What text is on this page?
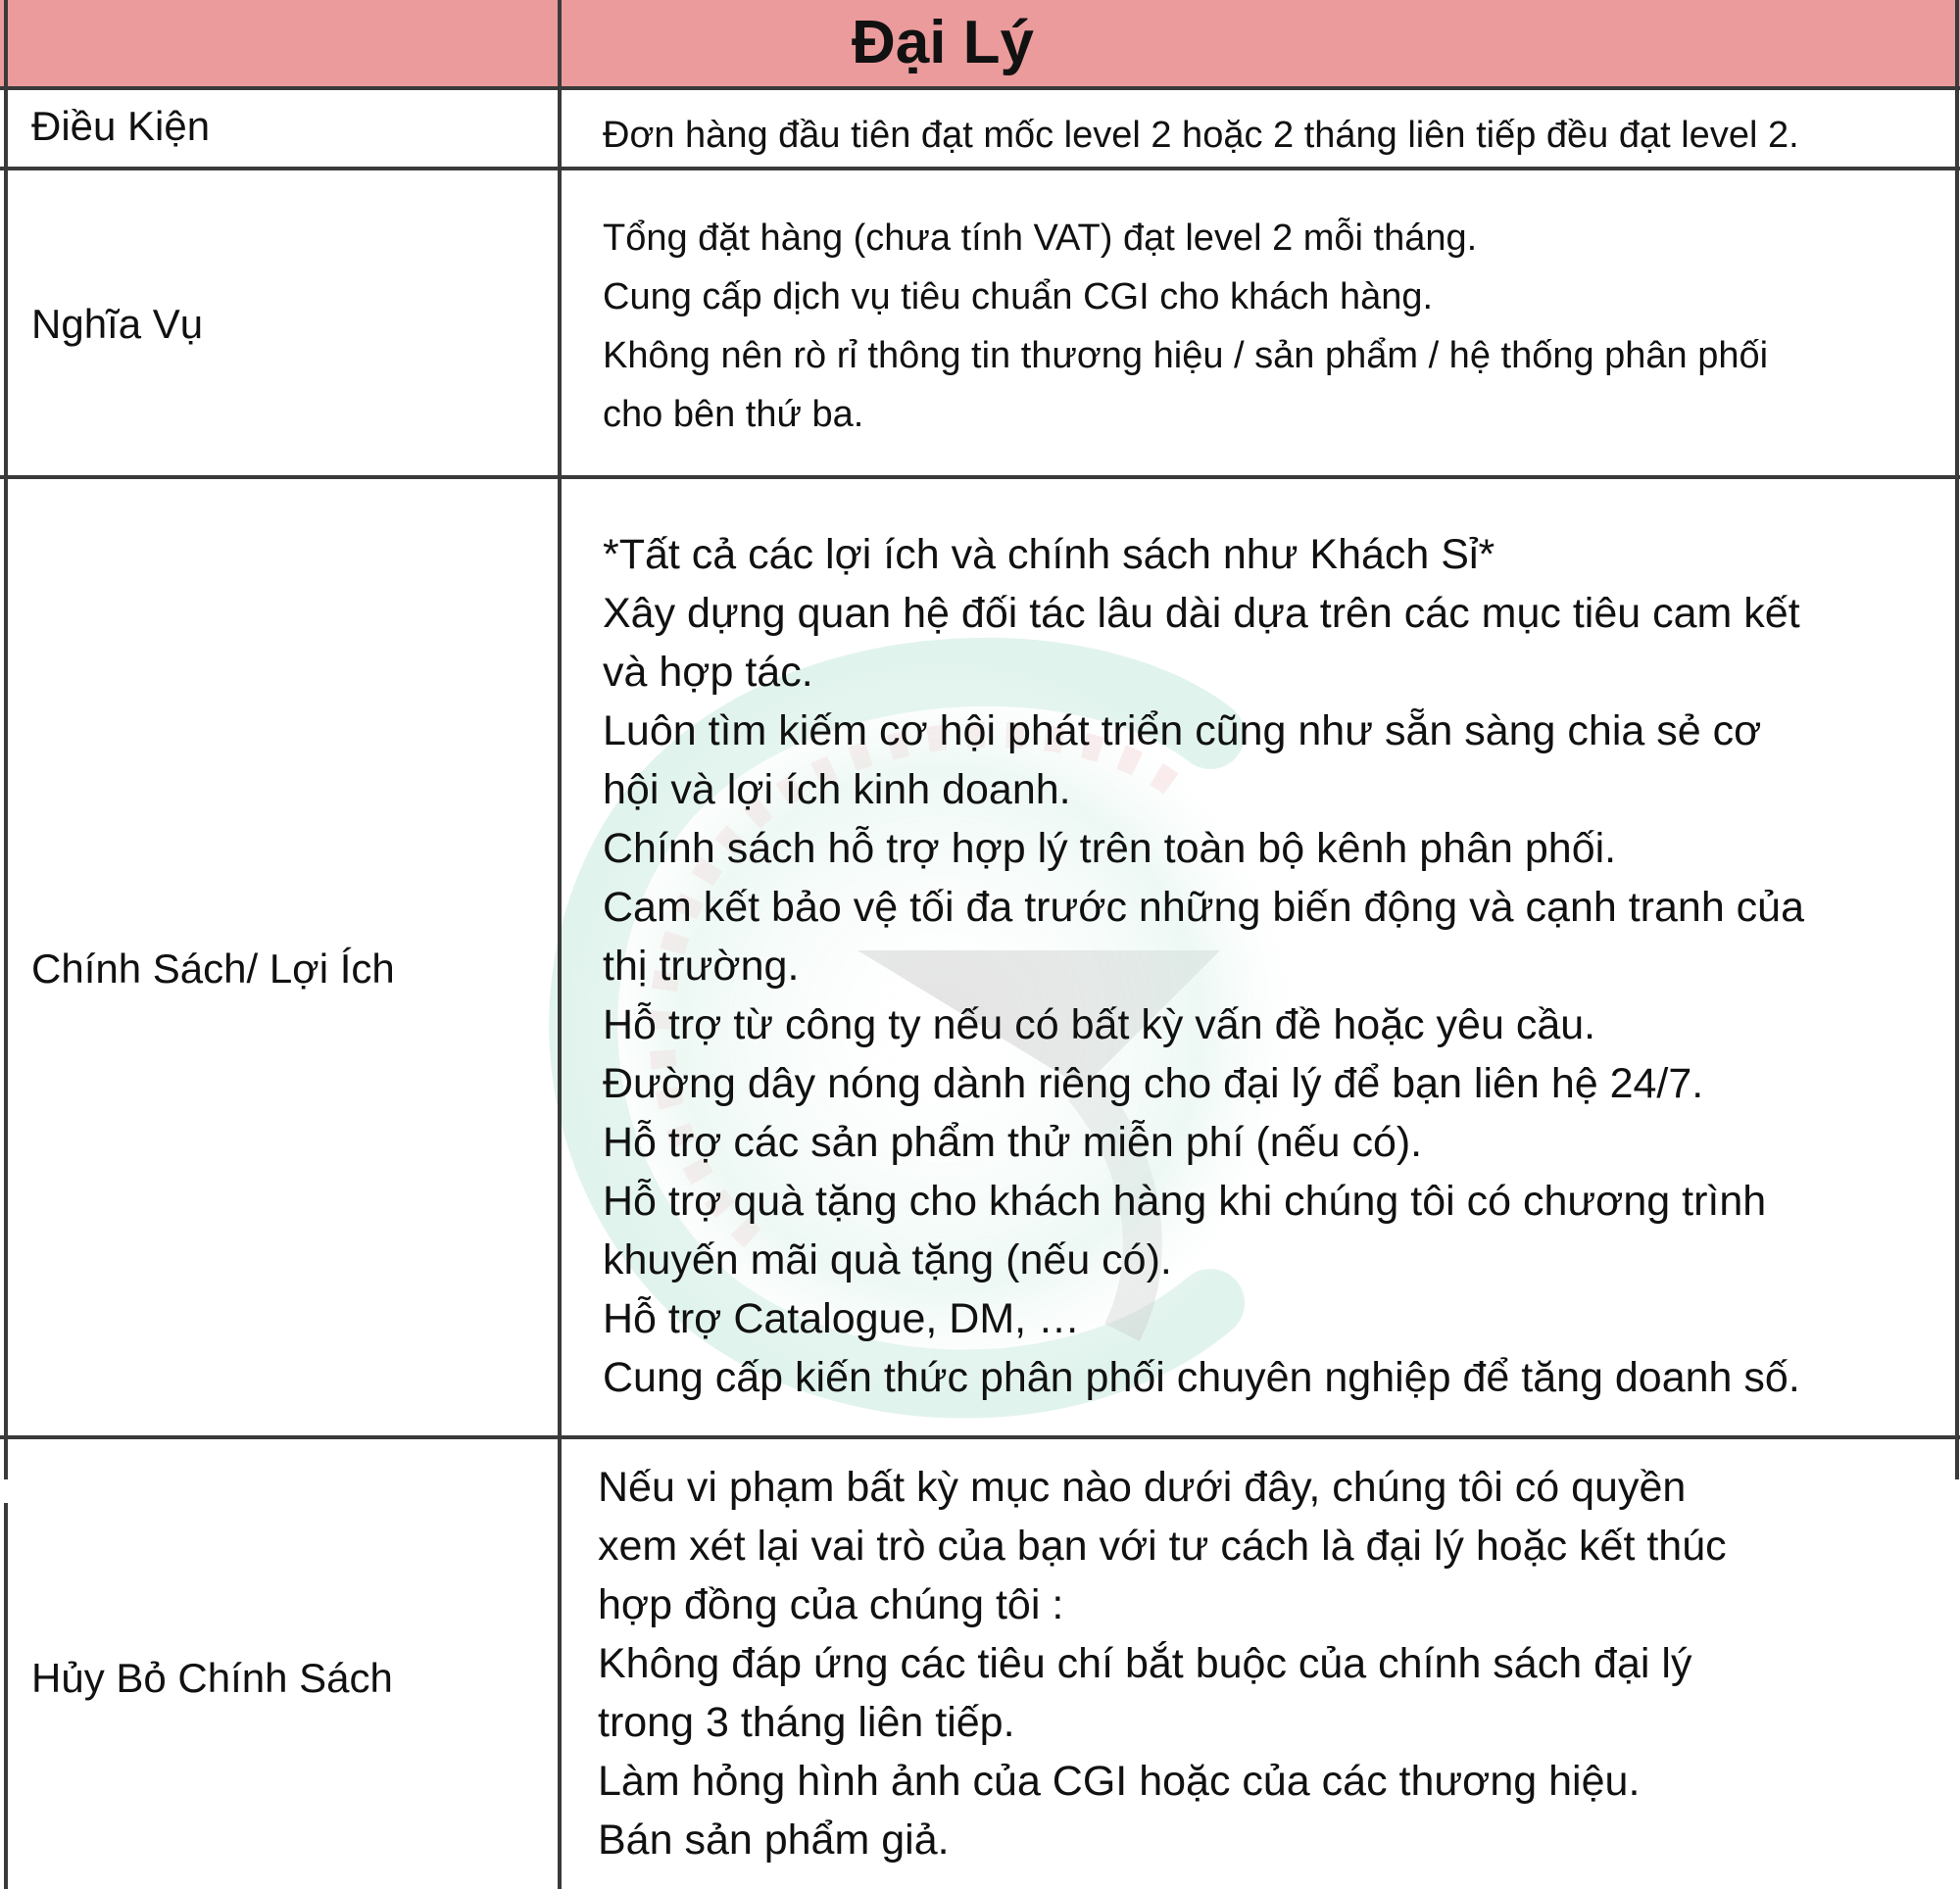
Đại Lý
Điều Kiện	Đơn hàng đầu tiên đạt mốc level 2 hoặc 2 tháng liên tiếp đều đạt level 2.
Nghĩa Vụ
Tổng đặt hàng (chưa tính VAT) đạt level 2 mỗi tháng.
Cung cấp dịch vụ tiêu chuẩn CGI cho khách hàng.
Không nên rò rỉ thông tin thương hiệu / sản phẩm / hệ thống phân phối
cho bên thứ ba.
Chính Sách/ Lợi Ích
*Tất cả các lợi ích và chính sách như Khách Sỉ*
Xây dựng quan hệ đối tác lâu dài dựa trên các mục tiêu cam kết
và hợp tác.
Luôn tìm kiếm cơ hội phát triển cũng như sẵn sàng chia sẻ cơ
hội và lợi ích kinh doanh.
Chính sách hỗ trợ hợp lý trên toàn bộ kênh phân phối.
Cam kết bảo vệ tối đa trước những biến động và cạnh tranh của
thị trường.
Hỗ trợ từ công ty nếu có bất kỳ vấn đề hoặc yêu cầu.
Đường dây nóng dành riêng cho đại lý để bạn liên hệ 24/7.
Hỗ trợ các sản phẩm thử miễn phí (nếu có).
Hỗ trợ quà tặng cho khách hàng khi chúng tôi có chương trình
khuyến mãi quà tặng (nếu có).
Hỗ trợ Catalogue, DM, …
Cung cấp kiến thức phân phối chuyên nghiệp để tăng doanh số.
Hủy Bỏ Chính Sách
Nếu vi phạm bất kỳ mục nào dưới đây, chúng tôi có quyền
xem xét lại vai trò của bạn với tư cách là đại lý hoặc kết thúc
hợp đồng của chúng tôi :
Không đáp ứng các tiêu chí bắt buộc của chính sách đại lý
trong 3 tháng liên tiếp.
Làm hỏng hình ảnh của CGI hoặc của các thương hiệu.
Bán sản phẩm giả.
